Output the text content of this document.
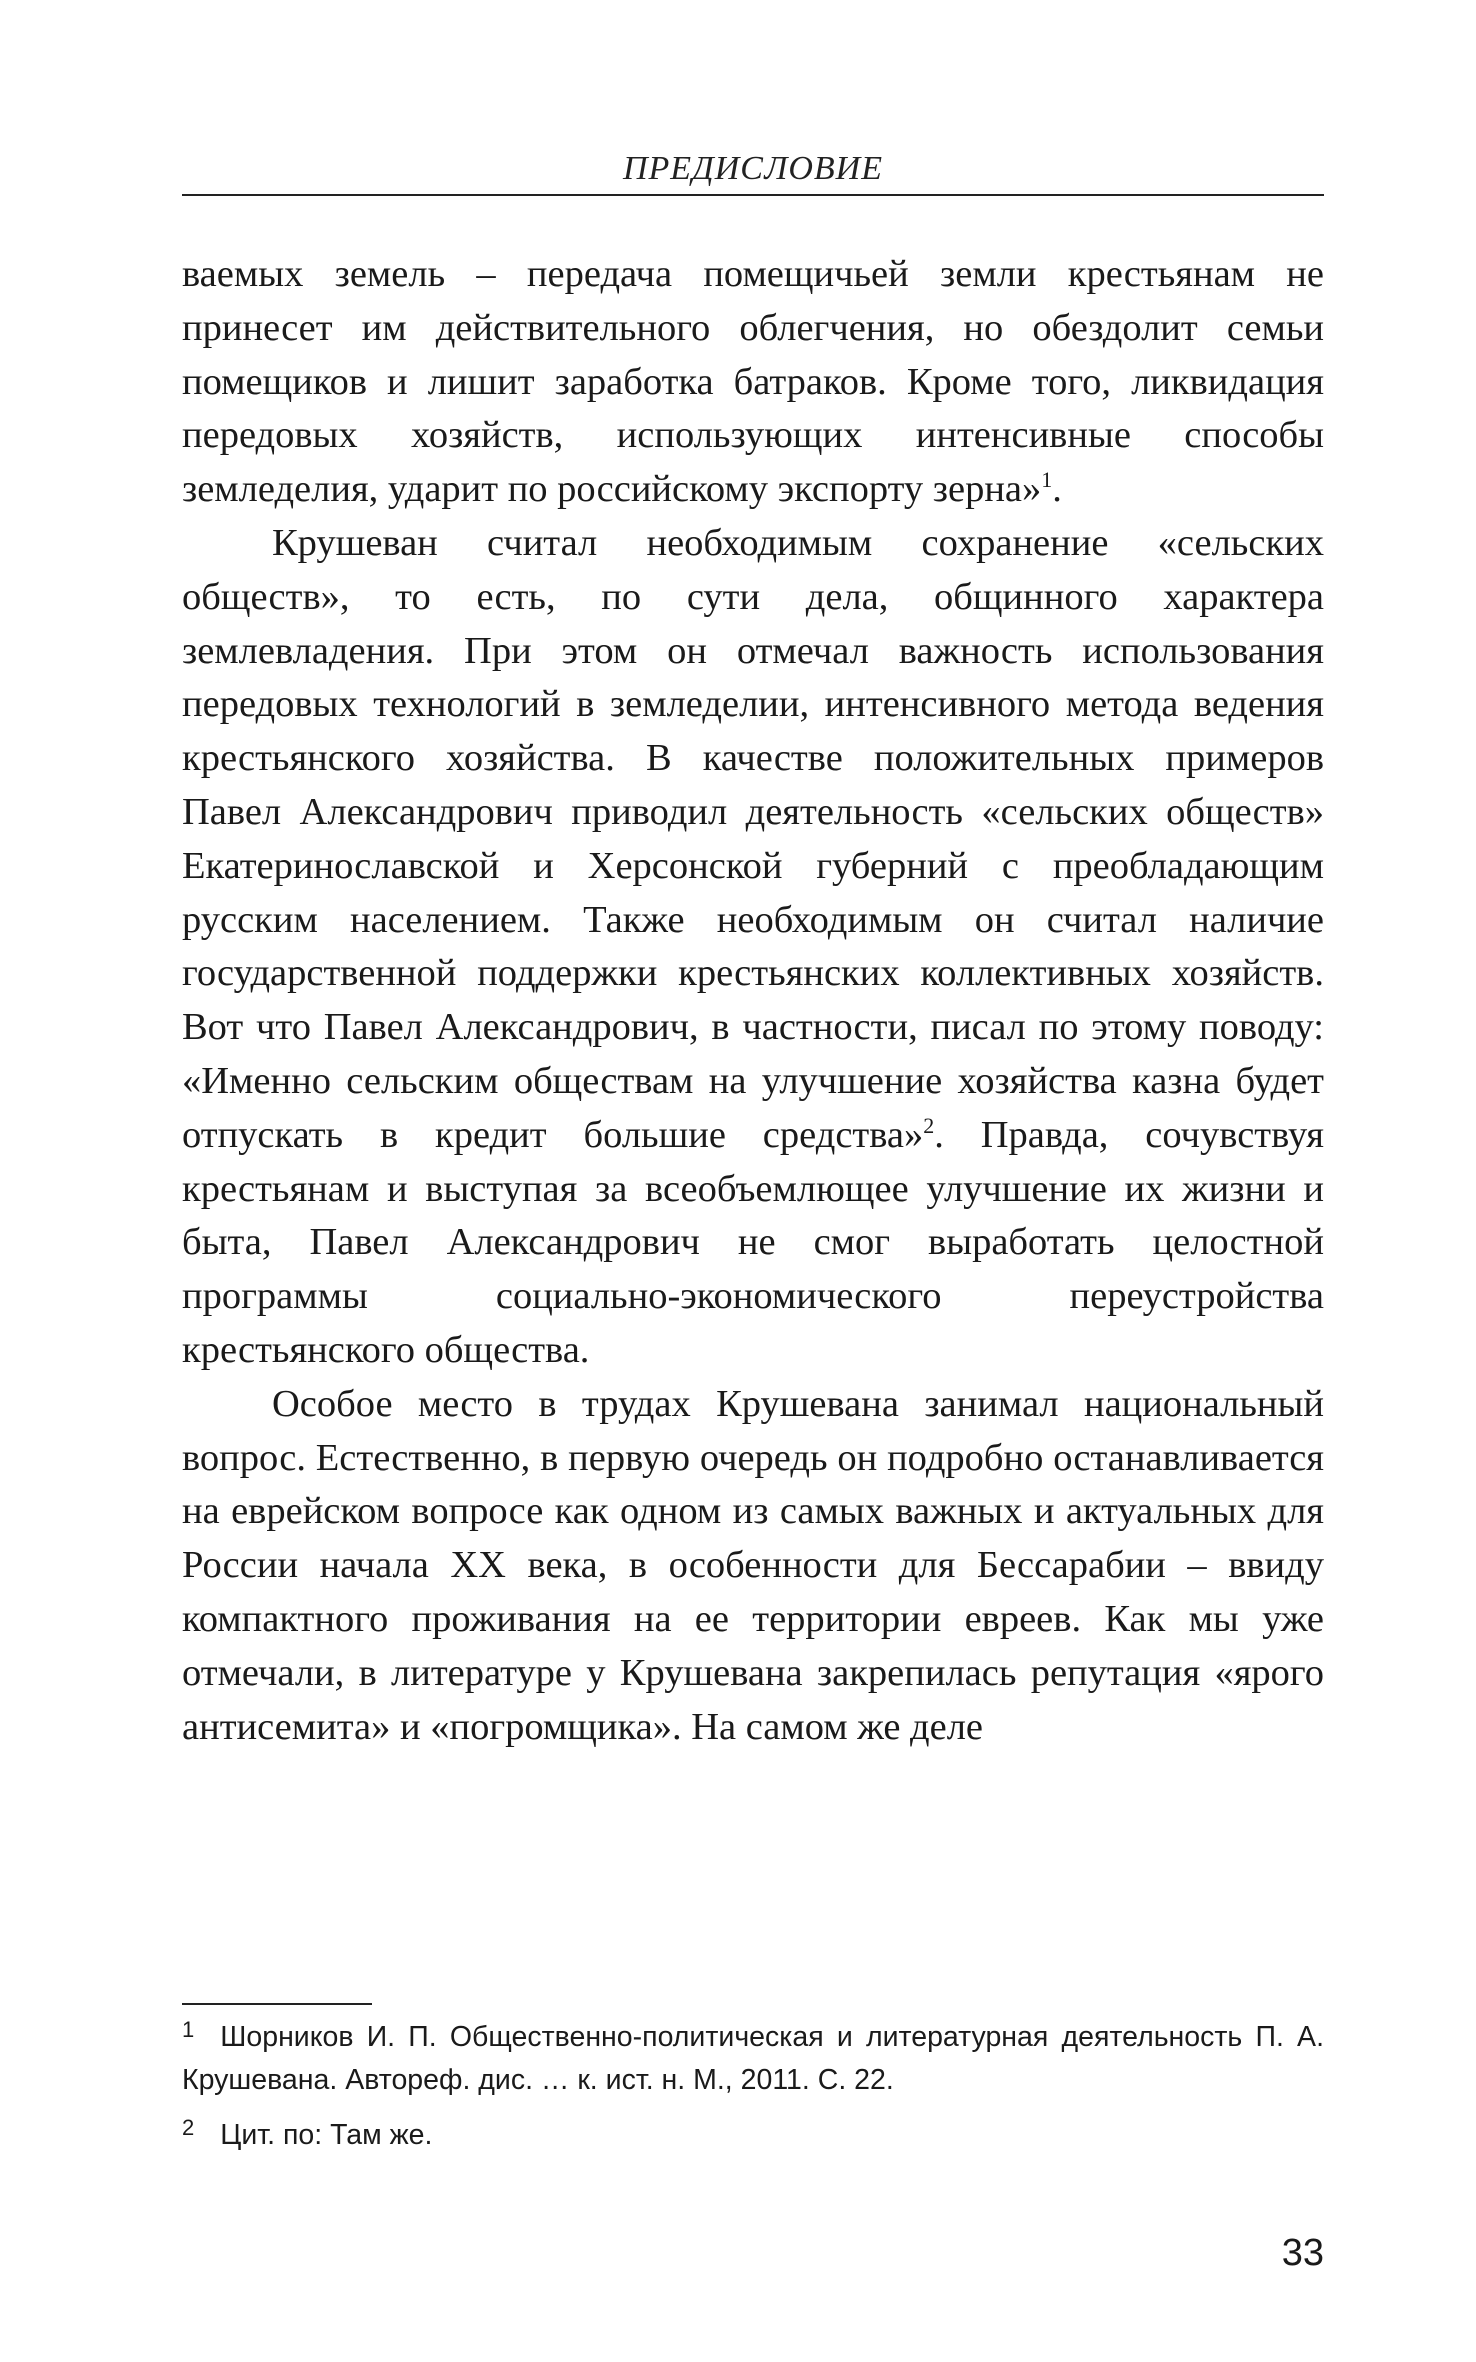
ПРЕДИСЛОВИЕ

ваемых земель – передача помещичьей земли крестьянам не принесет им действительного облегчения, но обездолит семьи помещиков и лишит заработка батраков. Кроме того, ликвидация передовых хозяйств, использующих интенсивные способы земледелия, ударит по российскому экспорту зерна»$^1$.

Крушеван считал необходимым сохранение «сельских обществ», то есть, по сути дела, общинного характера землевладения. При этом он отмечал важность использования передовых технологий в земледелии, интенсивного метода ведения крестьянского хозяйства. В качестве положительных примеров Павел Александрович приводил деятельность «сельских обществ» Екатеринославской и Херсонской губерний с преобладающим русским населением. Также необходимым он считал наличие государственной поддержки крестьянских коллективных хозяйств. Вот что Павел Александрович, в частности, писал по этому поводу: «Именно сельским обществам на улучшение хозяйства казна будет отпускать в кредит большие средства»$^2$. Правда, сочувствуя крестьянам и выступая за всеобъемлющее улучшение их жизни и быта, Павел Александрович не смог выработать целостной программы социально-экономического переустройства крестьянского общества.

Особое место в трудах Крушевана занимал национальный вопрос. Естественно, в первую очередь он подробно останавливается на еврейском вопросе как одном из самых важных и актуальных для России начала XX века, в особенности для Бессарабии – ввиду компактного проживания на ее территории евреев. Как мы уже отмечали, в литературе у Крушевана закрепилась репутация «ярого антисемита» и «погромщика». На самом же деле

$^1$ Шорников И. П. Общественно-политическая и литературная деятельность П. А. Крушевана. Автореф. дис. … к. ист. н. М., 2011. С. 22.

$^2$ Цит. по: Там же.

33
